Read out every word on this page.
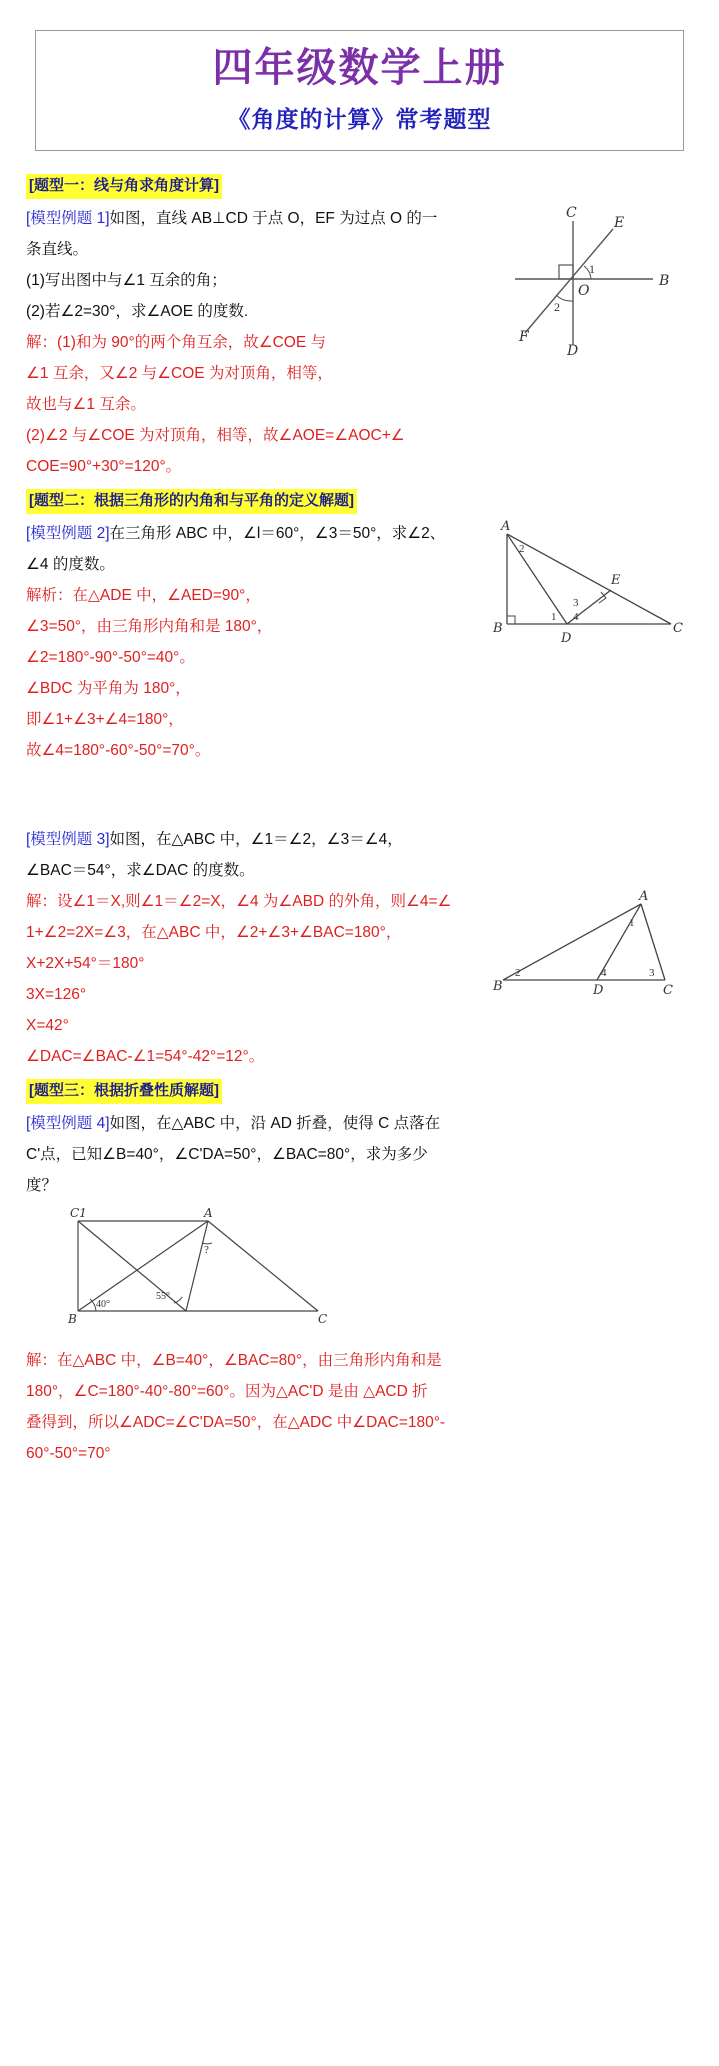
四年级数学上册
《角度的计算》常考题型
[题型一：线与角求角度计算]
C
E
B
O
1
2
F
D

[模型例题 1]如图，直线 AB⊥CD 于点 O，EF 为过点 O 的一

条直线。

(1)写出图中与∠1 互余的角；

(2)若∠2=30°，求∠AOE 的度数.

解：(1)和为 90°的两个角互余，故∠COE 与

∠1 互余，又∠2 与∠COE 为对顶角，相等，

故也与∠1 互余。

(2)∠2 与∠COE 为对顶角，相等，故∠AOE=∠AOC+∠

COE=90°+30°=120°。

[题型二：根据三角形的内角和与平角的定义解题]
A
2
E
3
1 4
B
D
C

[模型例题 2]在三角形 ABC 中，∠l＝60°，∠3＝50°，求∠2、

∠4 的度数。

解析：在△ADE 中，∠AED=90°，

∠3=50°，由三角形内角和是 180°，

∠2=180°-90°-50°=40°。

∠BDC 为平角为 180°，

即∠1+∠3+∠4=180°，

故∠4=180°-60°-50°=70°。

[模型例题 3]如图，在△ABC 中，∠1＝∠2，∠3＝∠4，

∠BAC＝54°，求∠DAC 的度数。

A
1
2	3
4
B	D	C

解：设∠1＝X,则∠1＝∠2=X，∠4 为∠ABD 的外角，则∠4=∠

1+∠2=2X=∠3，在△ABC 中，∠2+∠3+∠BAC=180°，

X+2X+54°＝180°

3X=126°

X=42°

∠DAC=∠BAC-∠1=54°-42°=12°。

[题型三：根据折叠性质解题]

[模型例题 4]如图，在△ABC 中，沿 AD 折叠，使得 C 点落在

C'点，已知∠B=40°，∠C'DA=50°，∠BAC=80°，求为多少

度？

C1	A
?
B
40°
55°
C

解：在△ABC 中，∠B=40°，∠BAC=80°，由三角形内角和是

180°，∠C=180°-40°-80°=60°。因为△AC'D 是由 △ACD 折

叠得到，所以∠ADC=∠C'DA=50°，在△ADC 中∠DAC=180°-

60°-50°=70°
